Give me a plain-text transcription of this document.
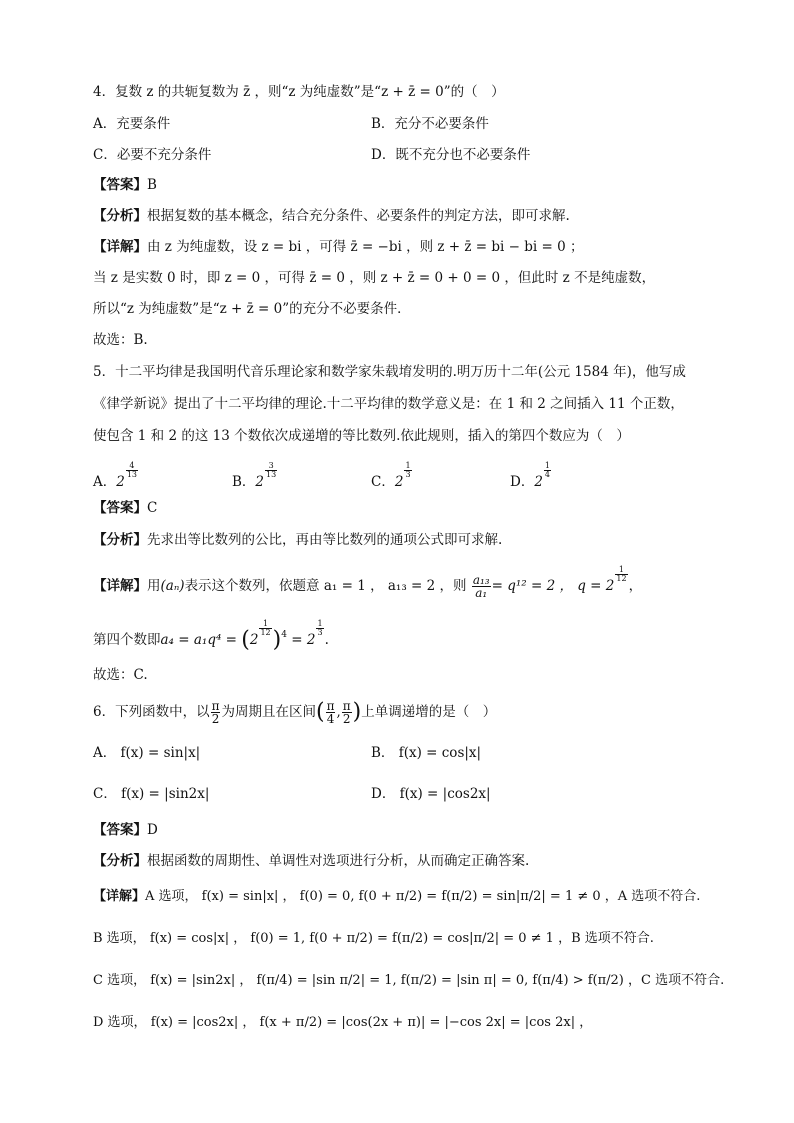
4．复数 z 的共轭复数为 z̄ ，则“z 为纯虚数”是“z + z̄ = 0”的（　）
A．充要条件	B．充分不必要条件
C．必要不充分条件	D．既不充分也不必要条件
【答案】B
【分析】根据复数的基本概念，结合充分条件、必要条件的判定方法，即可求解.
【详解】由 z 为纯虚数，设 z = bi ，可得 z̄ = −bi ，则 z + z̄ = bi − bi = 0 ；
当 z 是实数 0 时，即 z = 0 ，可得 z̄ = 0 ，则 z + z̄ = 0 + 0 = 0 ，但此时 z 不是纯虚数，
所以“z 为纯虚数”是“z + z̄ = 0”的充分不必要条件．
故选：B.
5．十二平均律是我国明代音乐理论家和数学家朱载堉发明的.明万历十二年(公元 1584 年)，他写成
《律学新说》提出了十二平均律的理论.十二平均律的数学意义是：在 1 和 2 之间插入 11 个正数，
使包含 1 和 2 的这 13 个数依次成递增的等比数列.依此规则，插入的第四个数应为（　）
A．2
$\frac{4}{13}$
B．2
$\frac{3}{13}$
C．2
$\frac{1}{3}$
D．2
$\frac{1}{4}$
【答案】C
【分析】先求出等比数列的公比，再由等比数列的通项公式即可求解.
【详解】用(aₙ)表示这个数列，依题意 a₁ = 1 ， a₁₃ = 2 ，则 $\frac{\text{a₁₃}}{\text{a₁}} = q^{12} = 2$ ， q = 2
$\frac{1}{12}$
，
第四个数即a₄ = a₁q⁴ = (2
$\frac{1}{12} )^4 = 2$
$\frac{1}{3}$
.
故选：C.
6．下列函数中，以 $\frac{\pi}{2}$ 为周期且在区间( $\frac{\pi}{4}$ , $\frac{\pi}{2}$ )上单调递增的是（　）
A． f(x) = sin|x|	B． f(x) = cos|x|
C． f(x) = |sin2x|	D． f(x) = |cos2x|
【答案】D
【分析】根据函数的周期性、单调性对选项进行分析，从而确定正确答案.
【详解】A 选项， f(x) = sin|x| ， f(0) = 0, f(0 + π/2) = f(π/2) = sin|π/2| = 1 ≠ 0 ，A 选项不符合.
B 选项， f(x) = cos|x| ， f(0) = 1, f(0 + π/2) = f(π/2) = cos|π/2| = 0 ≠ 1 ，B 选项不符合.
C 选项， f(x) = |sin2x| ， f(π/4) = |sin π/2| = 1, f(π/2) = |sin π| = 0, f(π/4) > f(π/2) ，C 选项不符合.
D 选项， f(x) = |cos2x| ， f(x + π/2) = |cos(2x + π)| = |−cos 2x| = |cos 2x| ，
